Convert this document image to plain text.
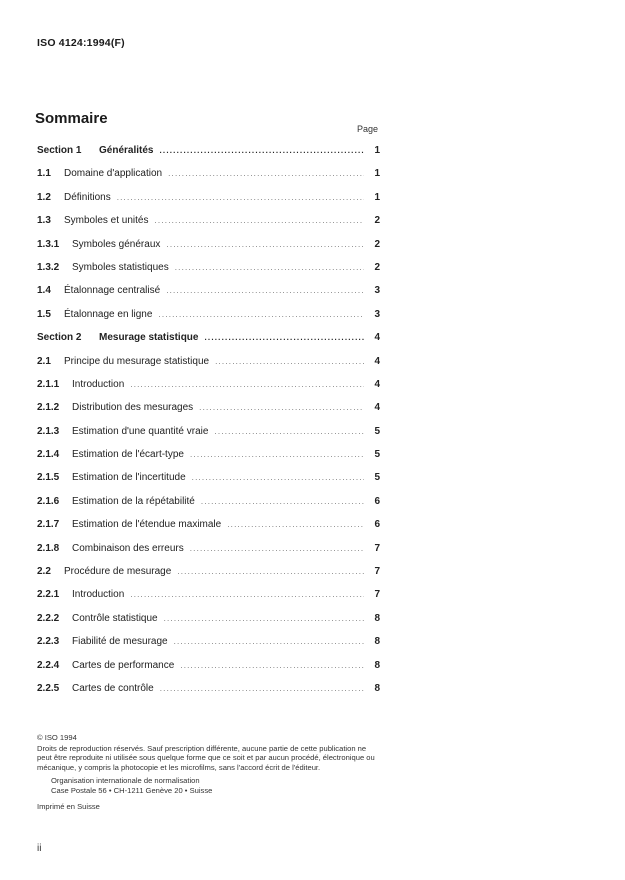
ISO 4124:1994(F)
Sommaire
Page
Section 1	Généralités .....	1
1.1	Domaine d'application .....	1
1.2	Définitions .....	1
1.3	Symboles et unités .....	2
1.3.1	Symboles généraux .....	2
1.3.2	Symboles statistiques .....	2
1.4	Étalonnage centralisé .....	3
1.5	Étalonnage en ligne .....	3
Section 2	Mesurage statistique .....	4
2.1	Principe du mesurage statistique .....	4
2.1.1	Introduction .....	4
2.1.2	Distribution des mesurages .....	4
2.1.3	Estimation d'une quantité vraie .....	5
2.1.4	Estimation de l'écart-type .....	5
2.1.5	Estimation de l'incertitude .....	5
2.1.6	Estimation de la répétabilité .....	6
2.1.7	Estimation de l'étendue maximale .....	6
2.1.8	Combinaison des erreurs .....	7
2.2	Procédure de mesurage .....	7
2.2.1	Introduction .....	7
2.2.2	Contrôle statistique .....	8
2.2.3	Fiabilité de mesurage .....	8
2.2.4	Cartes de performance .....	8
2.2.5	Cartes de contrôle .....	8
© ISO 1994
Droits de reproduction réservés. Sauf prescription différente, aucune partie de cette publication ne peut être reproduite ni utilisée sous quelque forme que ce soit et par aucun procédé, électronique ou mécanique, y compris la photocopie et les microfilms, sans l'accord écrit de l'éditeur.
Organisation internationale de normalisation
Case Postale 56 • CH-1211 Genève 20 • Suisse
Imprimé en Suisse
ii
